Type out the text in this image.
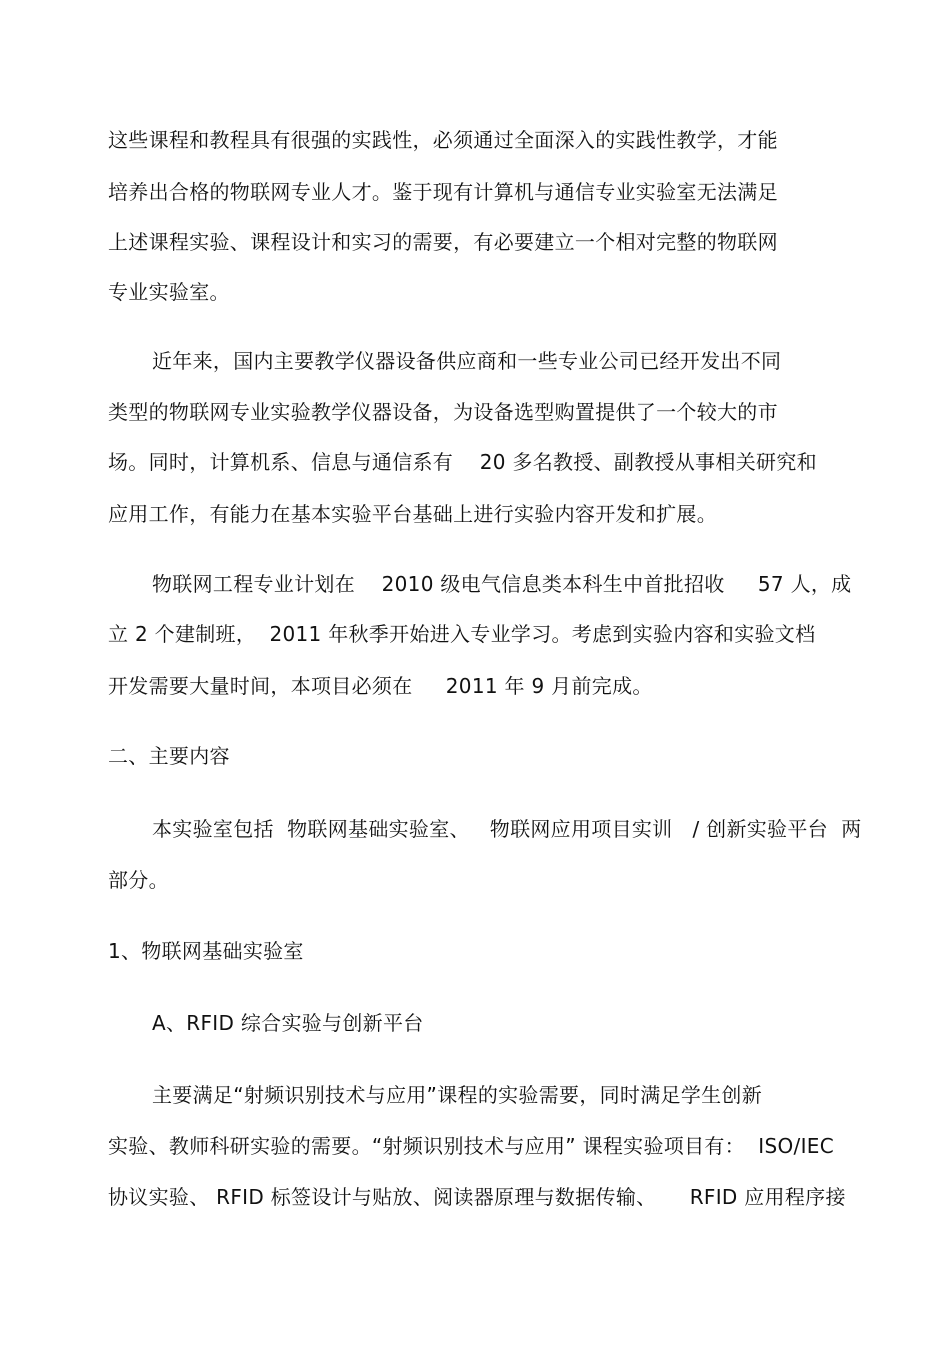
这些课程和教程具有很强的实践性，必须通过全面深入的实践性教学，才能
培养出合格的物联网专业人才。鉴于现有计算机与通信专业实验室无法满足
上述课程实验、课程设计和实习的需要，有必要建立一个相对完整的物联网
专业实验室。
近年来，国内主要教学仪器设备供应商和一些专业公司已经开发出不同
类型的物联网专业实验教学仪器设备，为设备选型购置提供了一个较大的市
场。同时，计算机系、信息与通信系有    20 多名教授、副教授从事相关研究和
应用工作，有能力在基本实验平台基础上进行实验内容开发和扩展。
物联网工程专业计划在    2010 级电气信息类本科生中首批招收     57 人，成
立 2 个建制班，  2011 年秋季开始进入专业学习。考虑到实验内容和实验文档
开发需要大量时间，本项目必须在     2011 年 9 月前完成。
二、主要内容
本实验室包括  物联网基础实验室、   物联网应用项目实训   / 创新实验平台  两
部分。
1、物联网基础实验室
A、RFID 综合实验与创新平台
主要满足“射频识别技术与应用”课程的实验需要，同时满足学生创新
实验、教师科研实验的需要。“射频识别技术与应用” 课程实验项目有：  ISO/IEC
协议实验、 RFID 标签设计与贴放、阅读器原理与数据传输、     RFID 应用程序接
